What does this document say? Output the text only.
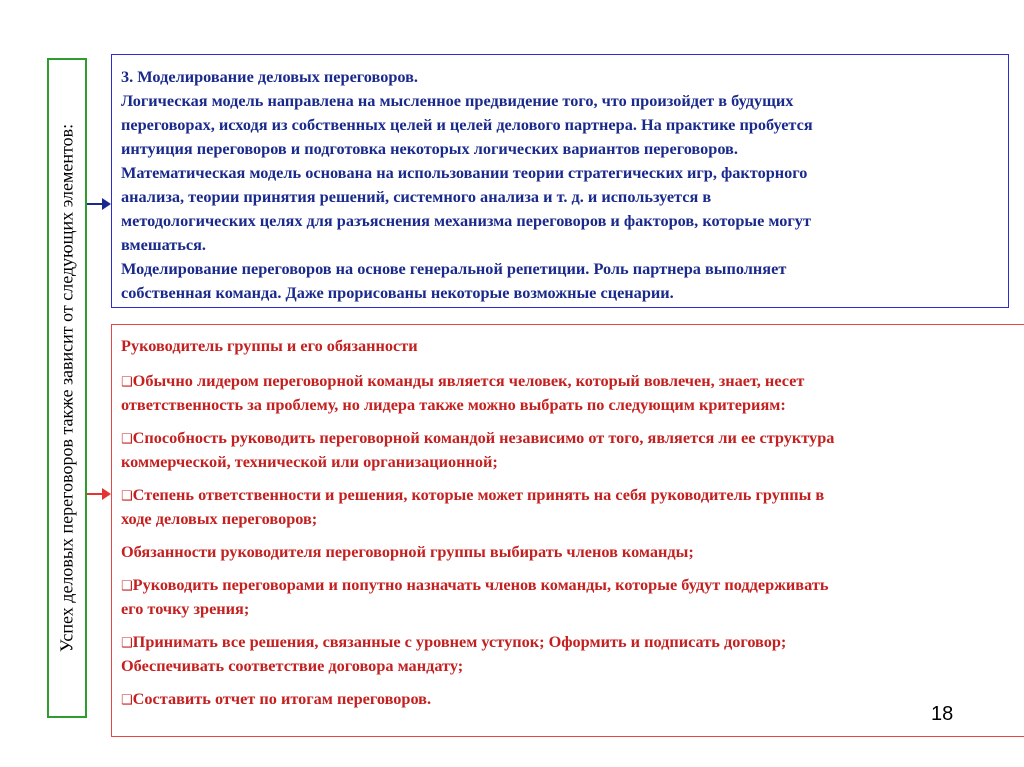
Успех деловых переговоров также зависит от следующих элементов:

3. Моделирование деловых переговоров.

Логическая модель направлена на мысленное предвидение того, что произойдет в будущих

переговорах, исходя из собственных целей и целей делового партнера. На практике пробуется

интуиция переговоров и подготовка некоторых логических вариантов переговоров.

Математическая модель основана на использовании теории стратегических игр, факторного

анализа, теории принятия решений, системного анализа и т. д. и используется в

методологических целях для разъяснения механизма переговоров и факторов, которые могут

вмешаться.

Моделирование переговоров на основе генеральной репетиции. Роль партнера выполняет

собственная команда. Даже прорисованы некоторые возможные сценарии.

Руководитель группы и его обязанности

❑Обычно лидером переговорной команды является человек, который вовлечен, знает, несет
ответственность за проблему, но лидера также можно выбрать по следующим критериям:

❑Способность руководить переговорной командой независимо от того, является ли ее структура
коммерческой, технической или организационной;

❑Степень ответственности и решения, которые может принять на себя руководитель группы в
ходе деловых переговоров;

Обязанности руководителя переговорной группы выбирать членов команды;

❑Руководить переговорами и попутно назначать членов команды, которые будут поддерживать
его точку зрения;

❑Принимать все решения, связанные с уровнем уступок; Оформить и подписать договор;
Обеспечивать соответствие договора мандату;

❑Составить отчет по итогам переговоров.

18
